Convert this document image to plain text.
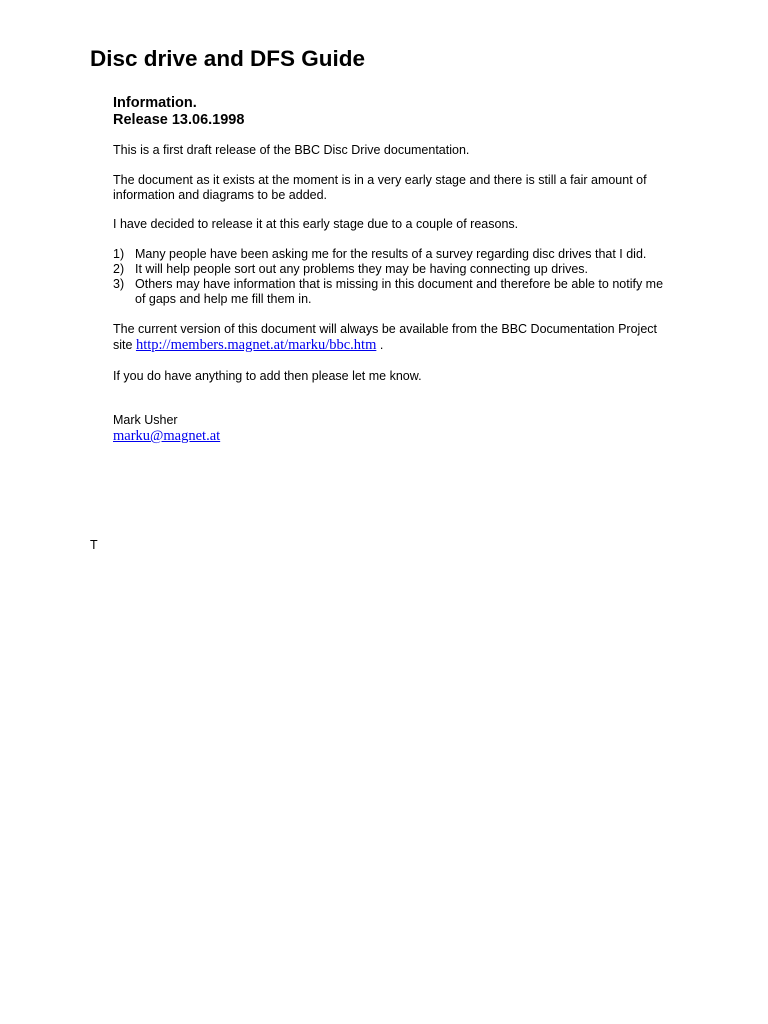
Disc drive and DFS Guide
Information.
Release 13.06.1998

This is a first draft release of the BBC Disc Drive documentation.

The document as it exists at the moment is in a very early stage and there is still a fair amount of information and diagrams to be added.

I have decided to release it at this early stage due to a couple of reasons.

1) Many people have been asking me for the results of a survey regarding disc drives that I did.
2) It will help people sort out any problems they may be having connecting up drives.
3) Others may have information that is missing in this document and therefore be able to notify me of gaps and help me fill them in.

The current version of this document will always be available from the BBC Documentation Project site http://members.magnet.at/marku/bbc.htm .

If you do have anything to add then please let me know.

Mark Usher

marku@magnet.at

T
